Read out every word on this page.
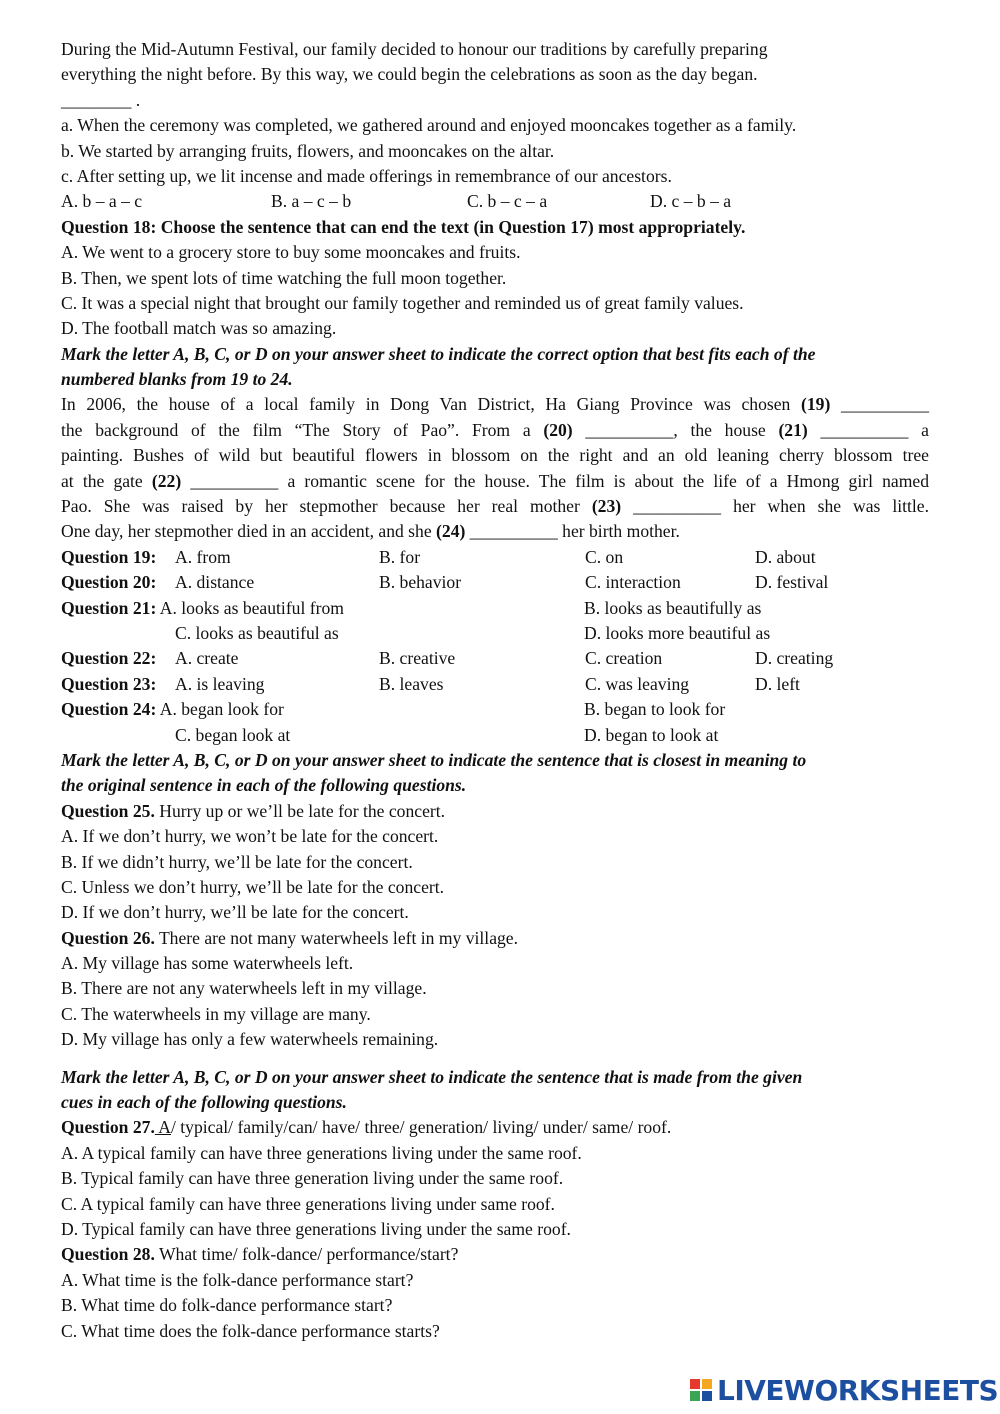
During the Mid-Autumn Festival, our family decided to honour our traditions by carefully preparing
everything the night before. By this way, we could begin the celebrations as soon as the day began.
________ .
a. When the ceremony was completed, we gathered around and enjoyed mooncakes together as a family.
b. We started by arranging fruits, flowers, and mooncakes on the altar.
c. After setting up, we lit incense and made offerings in remembrance of our ancestors.
A. b – a – c	B. a – c – b	C. b – c – a	D. c – b – a
Question 18: Choose the sentence that can end the text (in Question 17) most appropriately.
A. We went to a grocery store to buy some mooncakes and fruits.
B. Then, we spent lots of time watching the full moon together.
C. It was a special night that brought our family together and reminded us of great family values.
D. The football match was so amazing.
Mark the letter A, B, C, or D on your answer sheet to indicate the correct option that best fits each of the
numbered blanks from 19 to 24.
In 2006, the house of a local family in Dong Van District, Ha Giang Province was chosen (19) __________
the background of the film “The Story of Pao”. From a (20) __________, the house (21) __________ a
painting. Bushes of wild but beautiful flowers in blossom on the right and an old leaning cherry blossom tree
at the gate (22) __________ a romantic scene for the house. The film is about the life of a Hmong girl named
Pao. She was raised by her stepmother because her real mother (23) __________ her when she was little.
One day, her stepmother died in an accident, and she (24) __________ her birth mother.
Question 19:	A. from	B. for	C. on	D. about
Question 20:	A. distance	B. behavior	C. interaction	D. festival
Question 21: A. looks as beautiful from	B. looks as beautifully as
C. looks as beautiful as	D. looks more beautiful as
Question 22:	A. create	B. creative	C. creation	D. creating
Question 23:	A. is leaving	B. leaves	C. was leaving	D. left
Question 24: A. began look for	B. began to look for
C. began look at	D. began to look at
Mark the letter A, B, C, or D on your answer sheet to indicate the sentence that is closest in meaning to
the original sentence in each of the following questions.
Question 25. Hurry up or we’ll be late for the concert.
A. If we don’t hurry, we won’t be late for the concert.
B. If we didn’t hurry, we’ll be late for the concert.
C. Unless we don’t hurry, we’ll be late for the concert.
D. If we don’t hurry, we’ll be late for the concert.
Question 26. There are not many waterwheels left in my village.
A. My village has some waterwheels left.
B. There are not any waterwheels left in my village.
C. The waterwheels in my village are many.
D. My village has only a few waterwheels remaining.
Mark the letter A, B, C, or D on your answer sheet to indicate the sentence that is made from the given
cues in each of the following questions.
Question 27. A/ typical/ family/can/ have/ three/ generation/ living/ under/ same/ roof.
A. A typical family can have three generations living under the same roof.
B. Typical family can have three generation living under the same roof.
C. A typical family can have three generations living under same roof.
D. Typical family can have three generations living under the same roof.
Question 28. What time/ folk-dance/ performance/start?
A. What time is the folk-dance performance start?
B. What time do folk-dance performance start?
C. What time does the folk-dance performance starts?
LIVEWORKSHEETS
